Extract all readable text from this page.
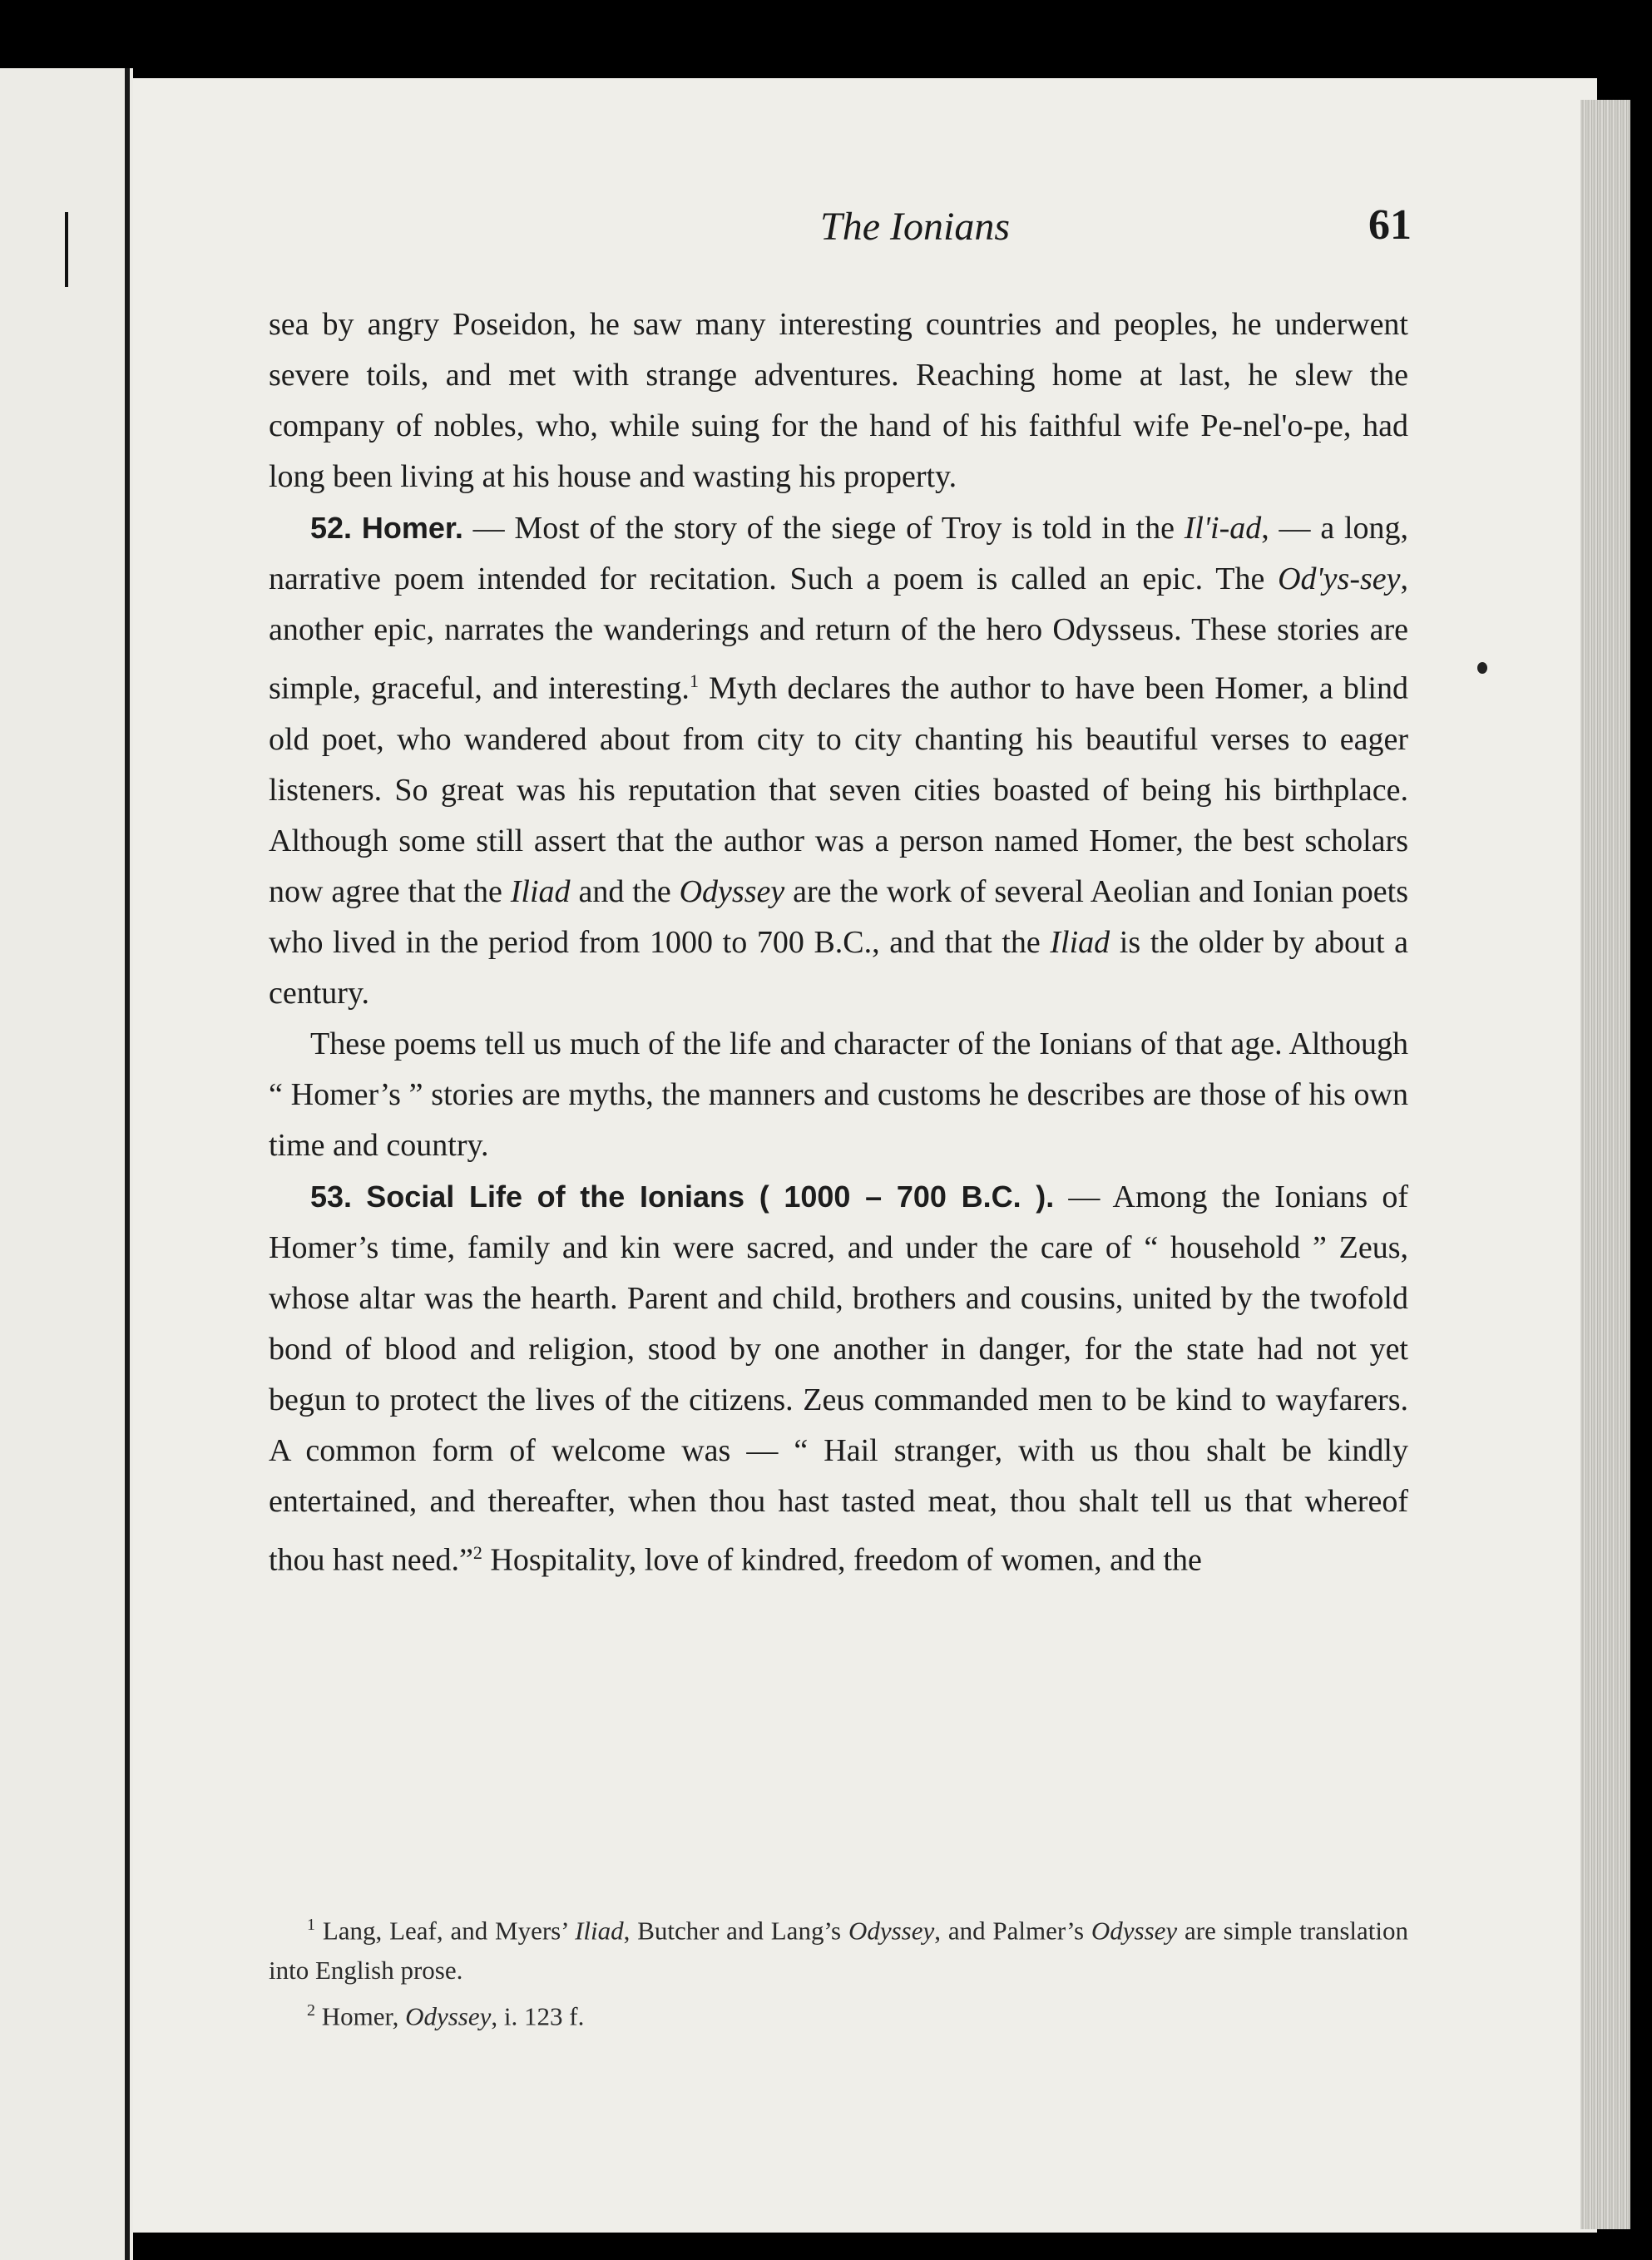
The Ionians	61

sea by angry Poseidon, he saw many interesting countries and peoples, he underwent severe toils, and met with strange adventures. Reaching home at last, he slew the company of nobles, who, while suing for the hand of his faithful wife Pe-nel'o-pe, had long been living at his house and wasting his property.

52. Homer. — Most of the story of the siege of Troy is told in the Il'i-ad, — a long, narrative poem intended for recitation. Such a poem is called an epic. The Od'ys-sey, another epic, narrates the wanderings and return of the hero Odysseus. These stories are simple, graceful, and interesting.$^1$ Myth declares the author to have been Homer, a blind old poet, who wandered about from city to city chanting his beautiful verses to eager listeners. So great was his reputation that seven cities boasted of being his birthplace. Although some still assert that the author was a person named Homer, the best scholars now agree that the Iliad and the Odyssey are the work of several Aeolian and Ionian poets who lived in the period from 1000 to 700 B.C., and that the Iliad is the older by about a century.

These poems tell us much of the life and character of the Ionians of that age. Although “ Homer’s ” stories are myths, the manners and customs he describes are those of his own time and country.

53. Social Life of the Ionians ( 1000 – 700 B.C. ). — Among the Ionians of Homer’s time, family and kin were sacred, and under the care of “ household ” Zeus, whose altar was the hearth. Parent and child, brothers and cousins, united by the twofold bond of blood and religion, stood by one another in danger, for the state had not yet begun to protect the lives of the citizens. Zeus commanded men to be kind to wayfarers. A common form of welcome was — “ Hail stranger, with us thou shalt be kindly entertained, and thereafter, when thou hast tasted meat, thou shalt tell us that whereof thou hast need.”$^2$ Hospitality, love of kindred, freedom of women, and the

$^1$ Lang, Leaf, and Myers’ Iliad, Butcher and Lang’s Odyssey, and Palmer’s Odyssey are simple translation into English prose.

$^2$ Homer, Odyssey, i. 123 f.
